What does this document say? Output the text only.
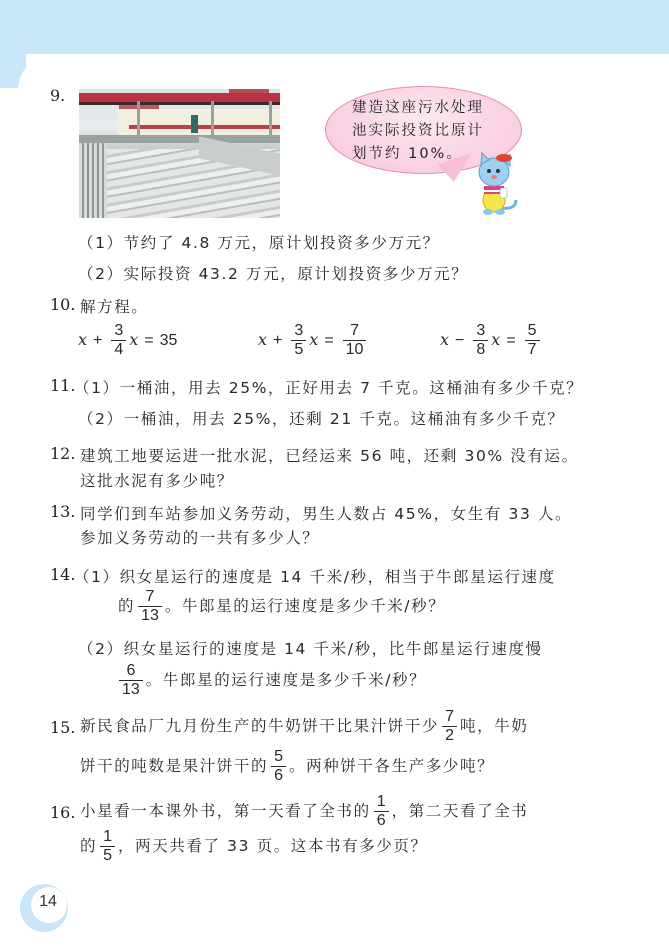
9.
建造这座污水处理
池实际投资比原计
划节约 10%。
（1）节约了 4.8 万元，原计划投资多少万元？
（2）实际投资 43.2 万元，原计划投资多少万元？
10. 解方程。
$x + \frac{3}{4}$ x = 35	$x + \frac{3}{5}$ $x = \frac{7}{10}$	$x - \frac{3}{8}$ $x = \frac{5}{7}$
11.
（1）一桶油，用去 25%，正好用去 7 千克。这桶油有多少千克？
（2）一桶油，用去 25%，还剩 21 千克。这桶油有多少千克？
12. 建筑工地要运进一批水泥，已经运来 56 吨，还剩 30% 没有运。
这批水泥有多少吨？
13. 同学们到车站参加义务劳动，男生人数占 45%，女生有 33 人。
参加义务劳动的一共有多少人？
14.
（1）织女星运行的速度是 14 千米/秒，相当于牛郎星运行速度
的 $\frac{7}{13}$ 。牛郎星的运行速度是多少千米/秒？
（2）织女星运行的速度是 14 千米/秒，比牛郎星运行速度慢
$\frac{6}{13}$ 。牛郎星的运行速度是多少千米/秒？
15. 新民食品厂九月份生产的牛奶饼干比果汁饼干少 $\frac{7}{2}$ 吨，牛奶
饼干的吨数是果汁饼干的 $\frac{5}{6}$ 。两种饼干各生产多少吨？
16. 小星看一本课外书，第一天看了全书的 $\frac{1}{6}$ ，第二天看了全书
的 $\frac{1}{5}$ ，两天共看了 33 页。这本书有多少页？
14
